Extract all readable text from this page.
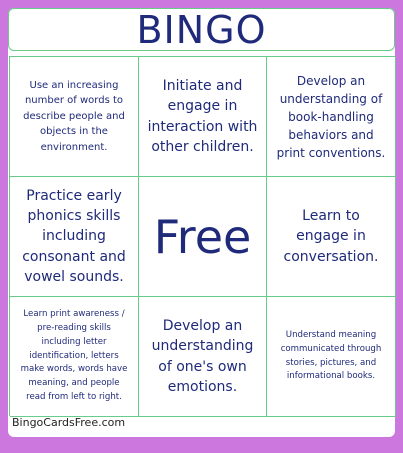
BINGO
Use an increasing number of words to describe people and objects in the environment.
Initiate and engage in interaction with other children.
Develop an understanding of book-handling behaviors and print conventions.
Practice early phonics skills including consonant and vowel sounds.
Free	Learn to engage in conversation.
Learn print awareness / pre-reading skills including letter identification, letters make words, words have meaning, and people read from left to right.
Develop an understanding of one's own emotions.
Understand meaning communicated through stories, pictures, and informational books.
BingoCardsFree.com
